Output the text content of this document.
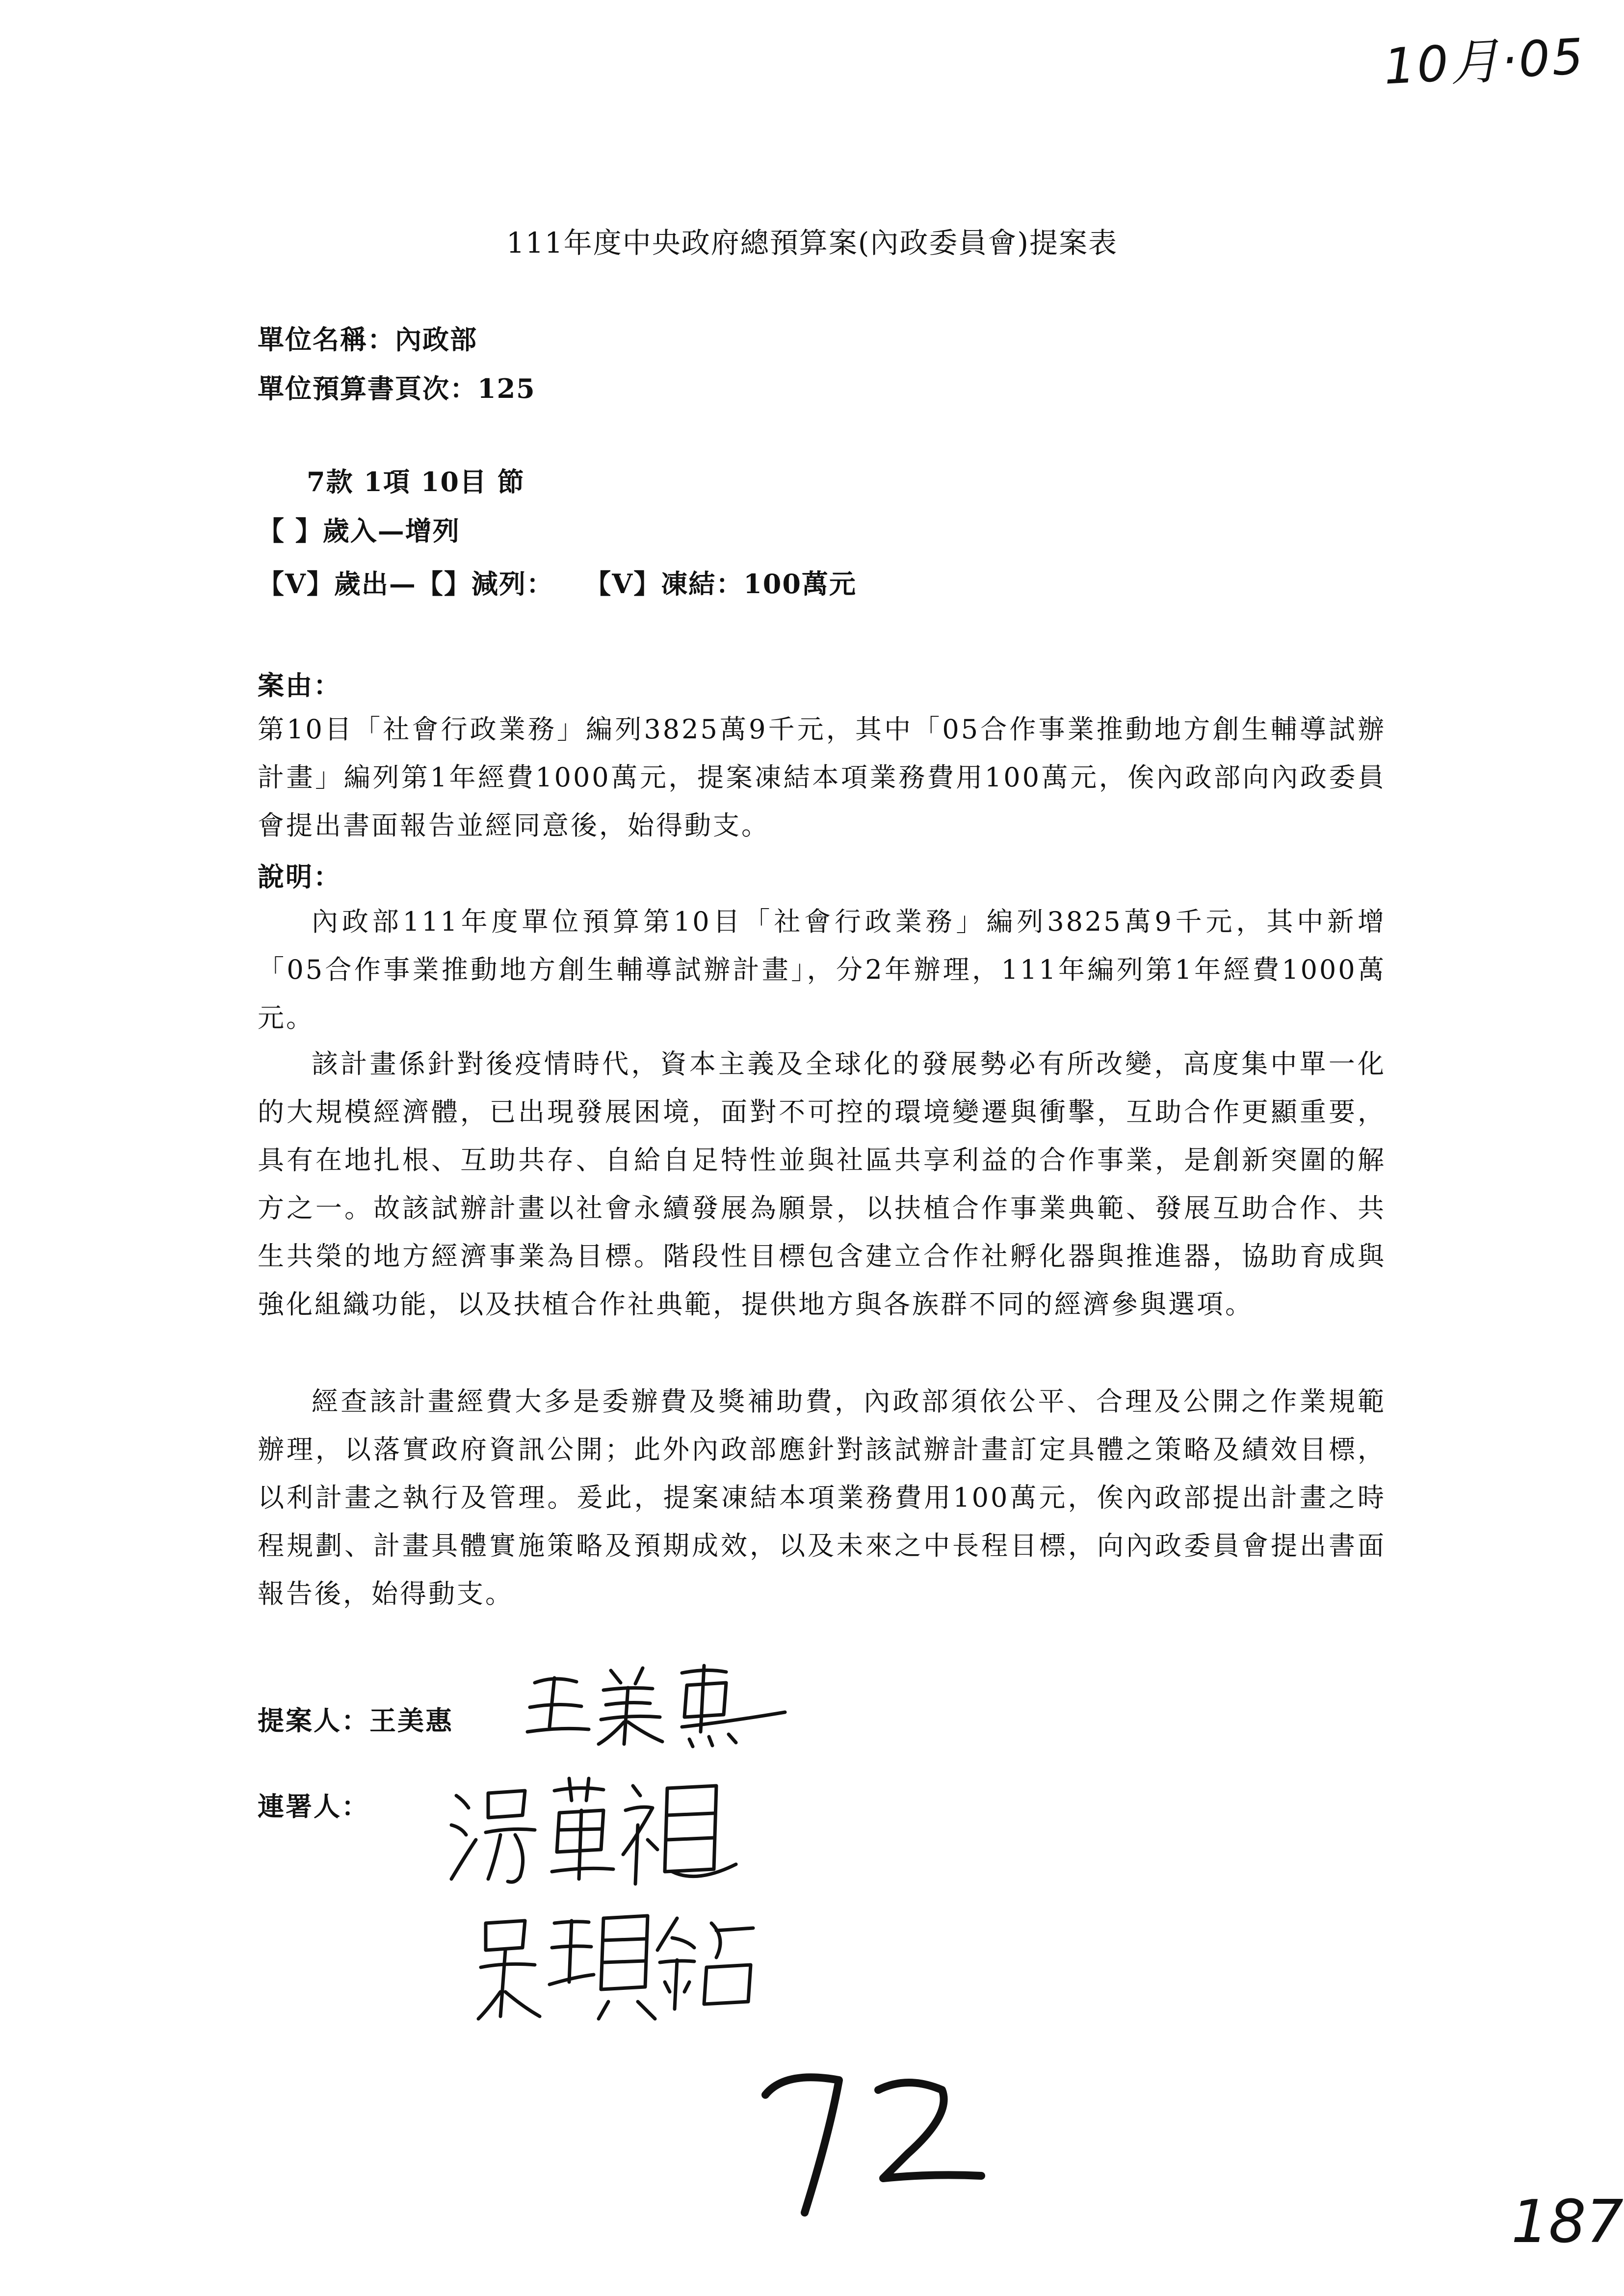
10月·05
111年度中央政府總預算案(內政委員會)提案表
單位名稱：內政部
單位預算書頁次：125
7款 1項 10目 節
【 】歲入—增列
【V】歲出—【】減列：   【V】凍結：100萬元
案由：
第10目「社會行政業務」編列3825萬9千元，其中「05合作事業推動地方創生輔導試辦計畫」編列第1年經費1000萬元，提案凍結本項業務費用100萬元，俟內政部向內政委員會提出書面報告並經同意後，始得動支。
說明：
內政部111年度單位預算第10目「社會行政業務」編列3825萬9千元，其中新增「05合作事業推動地方創生輔導試辦計畫」，分2年辦理，111年編列第1年經費1000萬元。
該計畫係針對後疫情時代，資本主義及全球化的發展勢必有所改變，高度集中單一化的大規模經濟體，已出現發展困境，面對不可控的環境變遷與衝擊，互助合作更顯重要，具有在地扎根、互助共存、自給自足特性並與社區共享利益的合作事業，是創新突圍的解方之一。故該試辦計畫以社會永續發展為願景，以扶植合作事業典範、發展互助合作、共生共榮的地方經濟事業為目標。階段性目標包含建立合作社孵化器與推進器，協助育成與強化組織功能，以及扶植合作社典範，提供地方與各族群不同的經濟參與選項。
經查該計畫經費大多是委辦費及獎補助費，內政部須依公平、合理及公開之作業規範辦理，以落實政府資訊公開；此外內政部應針對該試辦計畫訂定具體之策略及績效目標，以利計畫之執行及管理。爰此，提案凍結本項業務費用100萬元，俟內政部提出計畫之時程規劃、計畫具體實施策略及預期成效，以及未來之中長程目標，向內政委員會提出書面報告後，始得動支。
提案人：王美惠
連署人：
187
